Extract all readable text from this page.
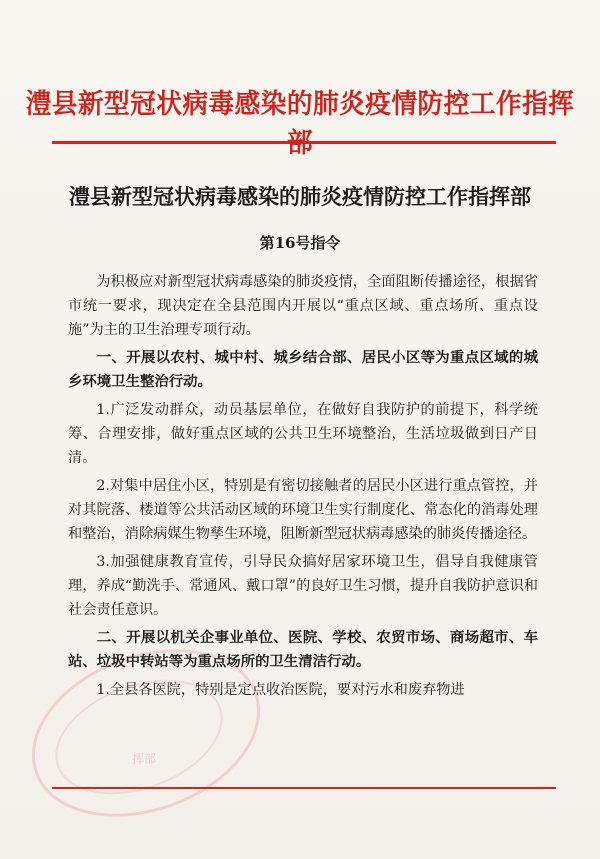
澧县新型冠状病毒感染的肺炎疫情防控工作指挥部
澧县新型冠状病毒感染的肺炎疫情防控工作指挥部
第16号指令
挥部

为积极应对新型冠状病毒感染的肺炎疫情，全面阻断传播途径，根据省市统一要求，现决定在全县范围内开展以“重点区域、重点场所、重点设施”为主的卫生治理专项行动。

一、开展以农村、城中村、城乡结合部、居民小区等为重点区域的城乡环境卫生整治行动。

1.广泛发动群众，动员基层单位，在做好自我防护的前提下，科学统筹、合理安排，做好重点区域的公共卫生环境整治，生活垃圾做到日产日清。

2.对集中居住小区，特别是有密切接触者的居民小区进行重点管控，并对其院落、楼道等公共活动区域的环境卫生实行制度化、常态化的消毒处理和整治，消除病媒生物孳生环境，阻断新型冠状病毒感染的肺炎传播途径。

3.加强健康教育宣传，引导民众搞好居家环境卫生，倡导自我健康管理，养成“勤洗手、常通风、戴口罩”的良好卫生习惯，提升自我防护意识和社会责任意识。

二、开展以机关企事业单位、医院、学校、农贸市场、商场超市、车站、垃圾中转站等为重点场所的卫生清洁行动。

1.全县各医院，特别是定点收治医院，要对污水和废弃物进
